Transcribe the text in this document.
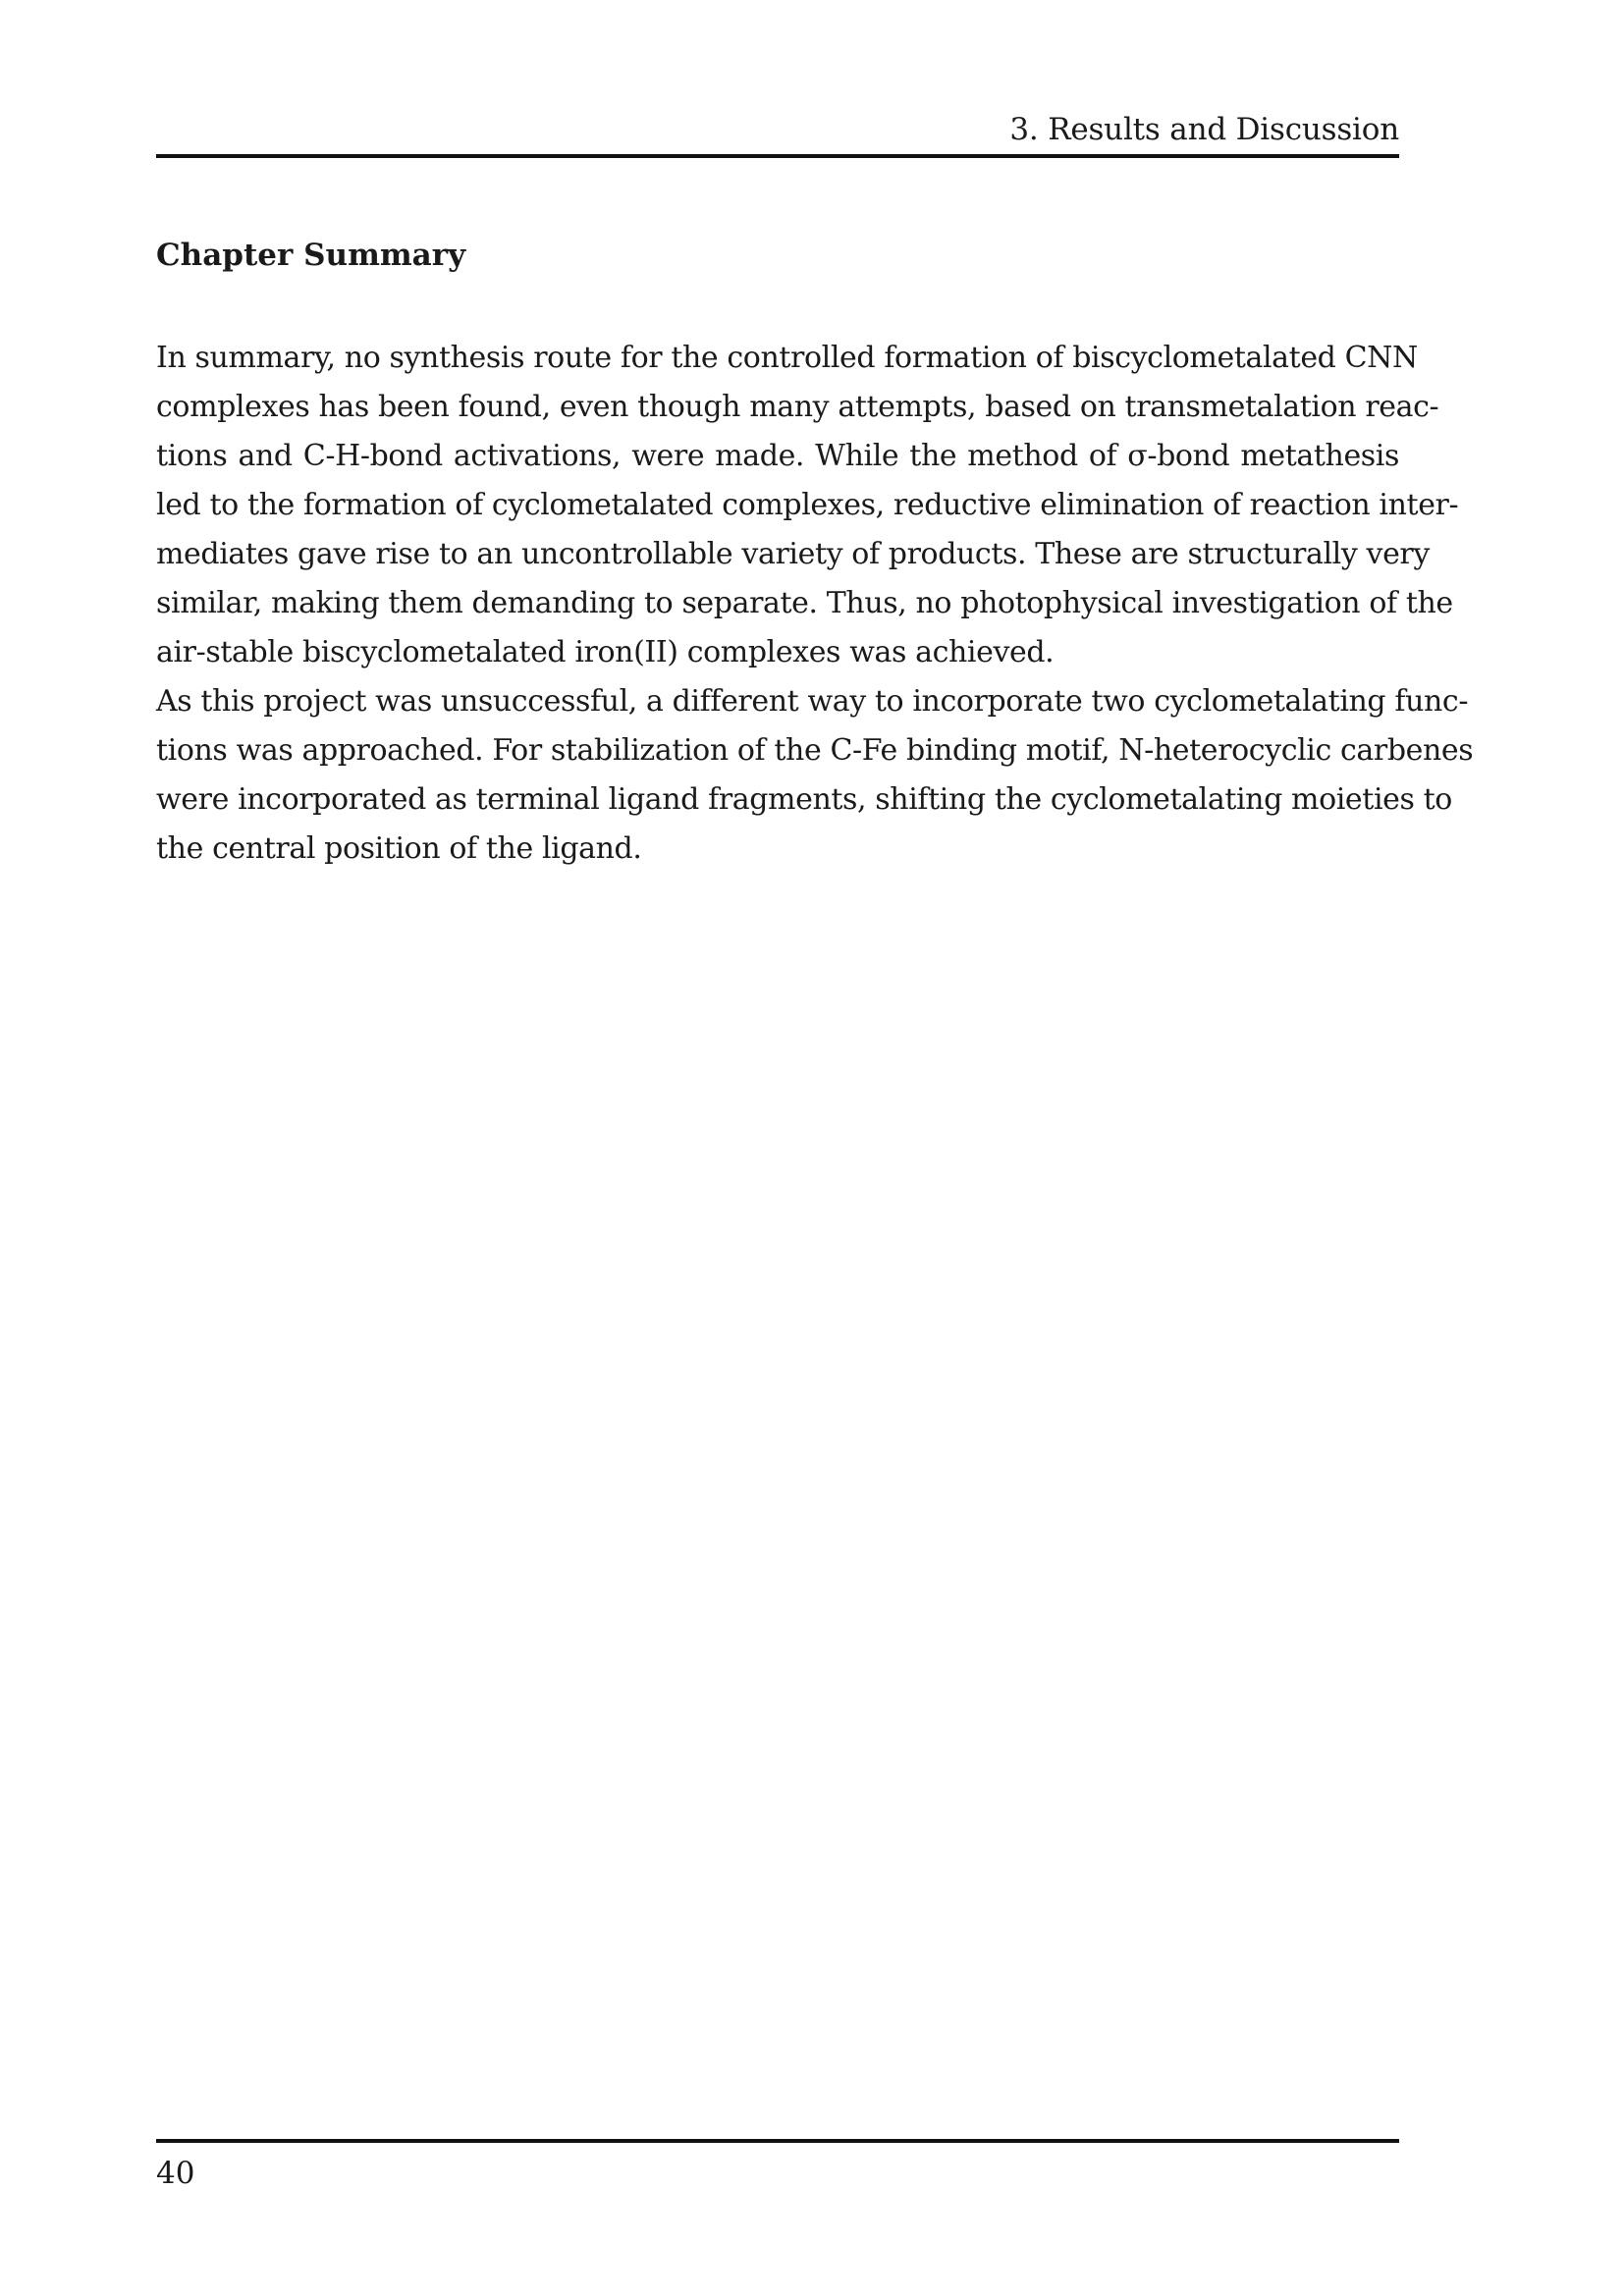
3. Results and Discussion
Chapter Summary
In summary, no synthesis route for the controlled formation of biscyclometalated CNN
complexes has been found, even though many attempts, based on transmetalation reac-
tions and C-H-bond activations, were made. While the method of σ-bond metathesis
led to the formation of cyclometalated complexes, reductive elimination of reaction inter-
mediates gave rise to an uncontrollable variety of products. These are structurally very
similar, making them demanding to separate. Thus, no photophysical investigation of the
air-stable biscyclometalated iron(II) complexes was achieved.
As this project was unsuccessful, a different way to incorporate two cyclometalating func-
tions was approached. For stabilization of the C-Fe binding motif, N-heterocyclic carbenes
were incorporated as terminal ligand fragments, shifting the cyclometalating moieties to
the central position of the ligand.
40
